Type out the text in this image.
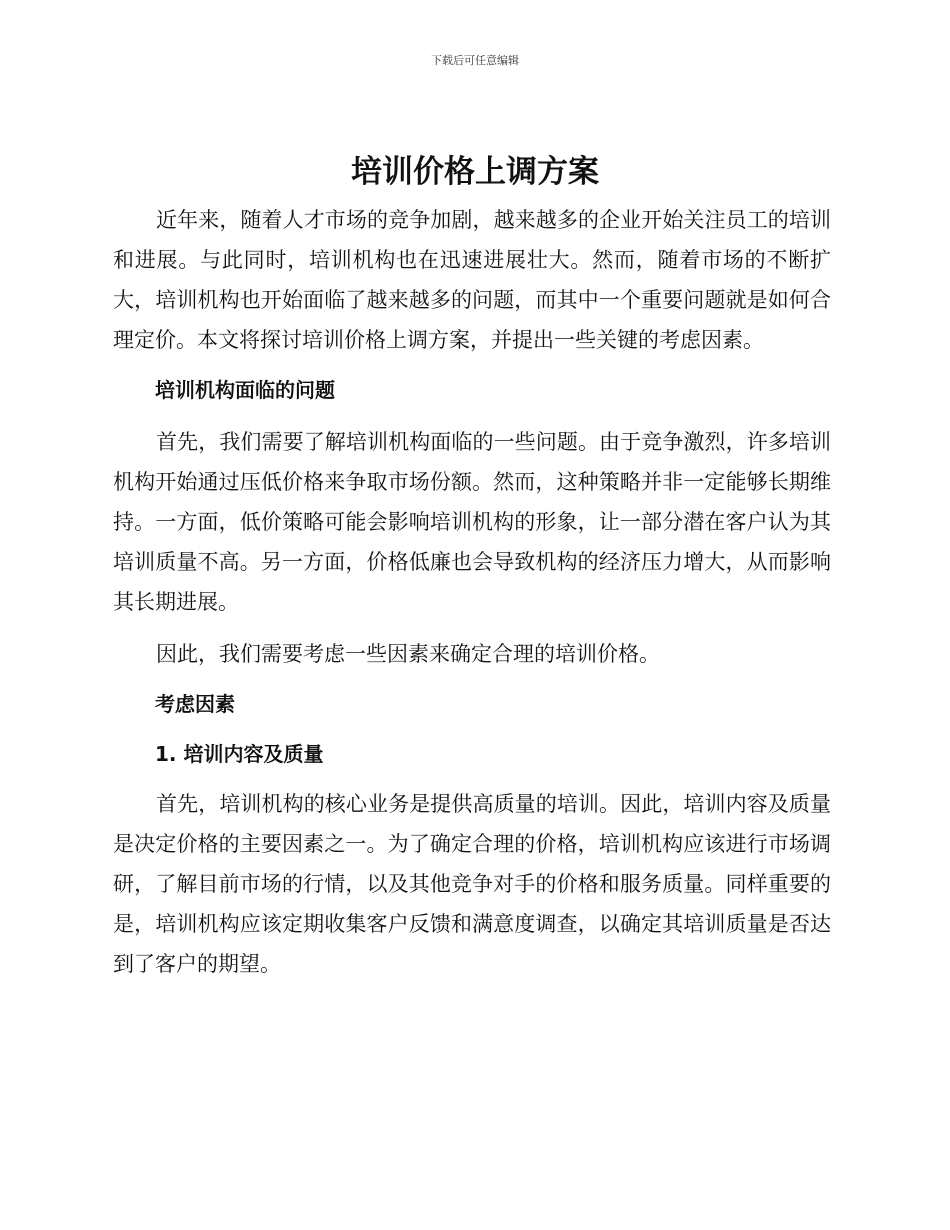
下载后可任意编辑
培训价格上调方案

近年来，随着人才市场的竞争加剧，越来越多的企业开始关注员工的培训和进展。与此同时，培训机构也在迅速进展壮大。然而，随着市场的不断扩大，培训机构也开始面临了越来越多的问题，而其中一个重要问题就是如何合理定价。本文将探讨培训价格上调方案，并提出一些关键的考虑因素。

培训机构面临的问题

首先，我们需要了解培训机构面临的一些问题。由于竞争激烈，许多培训机构开始通过压低价格来争取市场份额。然而，这种策略并非一定能够长期维持。一方面，低价策略可能会影响培训机构的形象，让一部分潜在客户认为其培训质量不高。另一方面，价格低廉也会导致机构的经济压力增大，从而影响其长期进展。

因此，我们需要考虑一些因素来确定合理的培训价格。

考虑因素
1. 培训内容及质量

首先，培训机构的核心业务是提供高质量的培训。因此，培训内容及质量是决定价格的主要因素之一。为了确定合理的价格，培训机构应该进行市场调研，了解目前市场的行情，以及其他竞争对手的价格和服务质量。同样重要的是，培训机构应该定期收集客户反馈和满意度调查，以确定其培训质量是否达到了客户的期望。
